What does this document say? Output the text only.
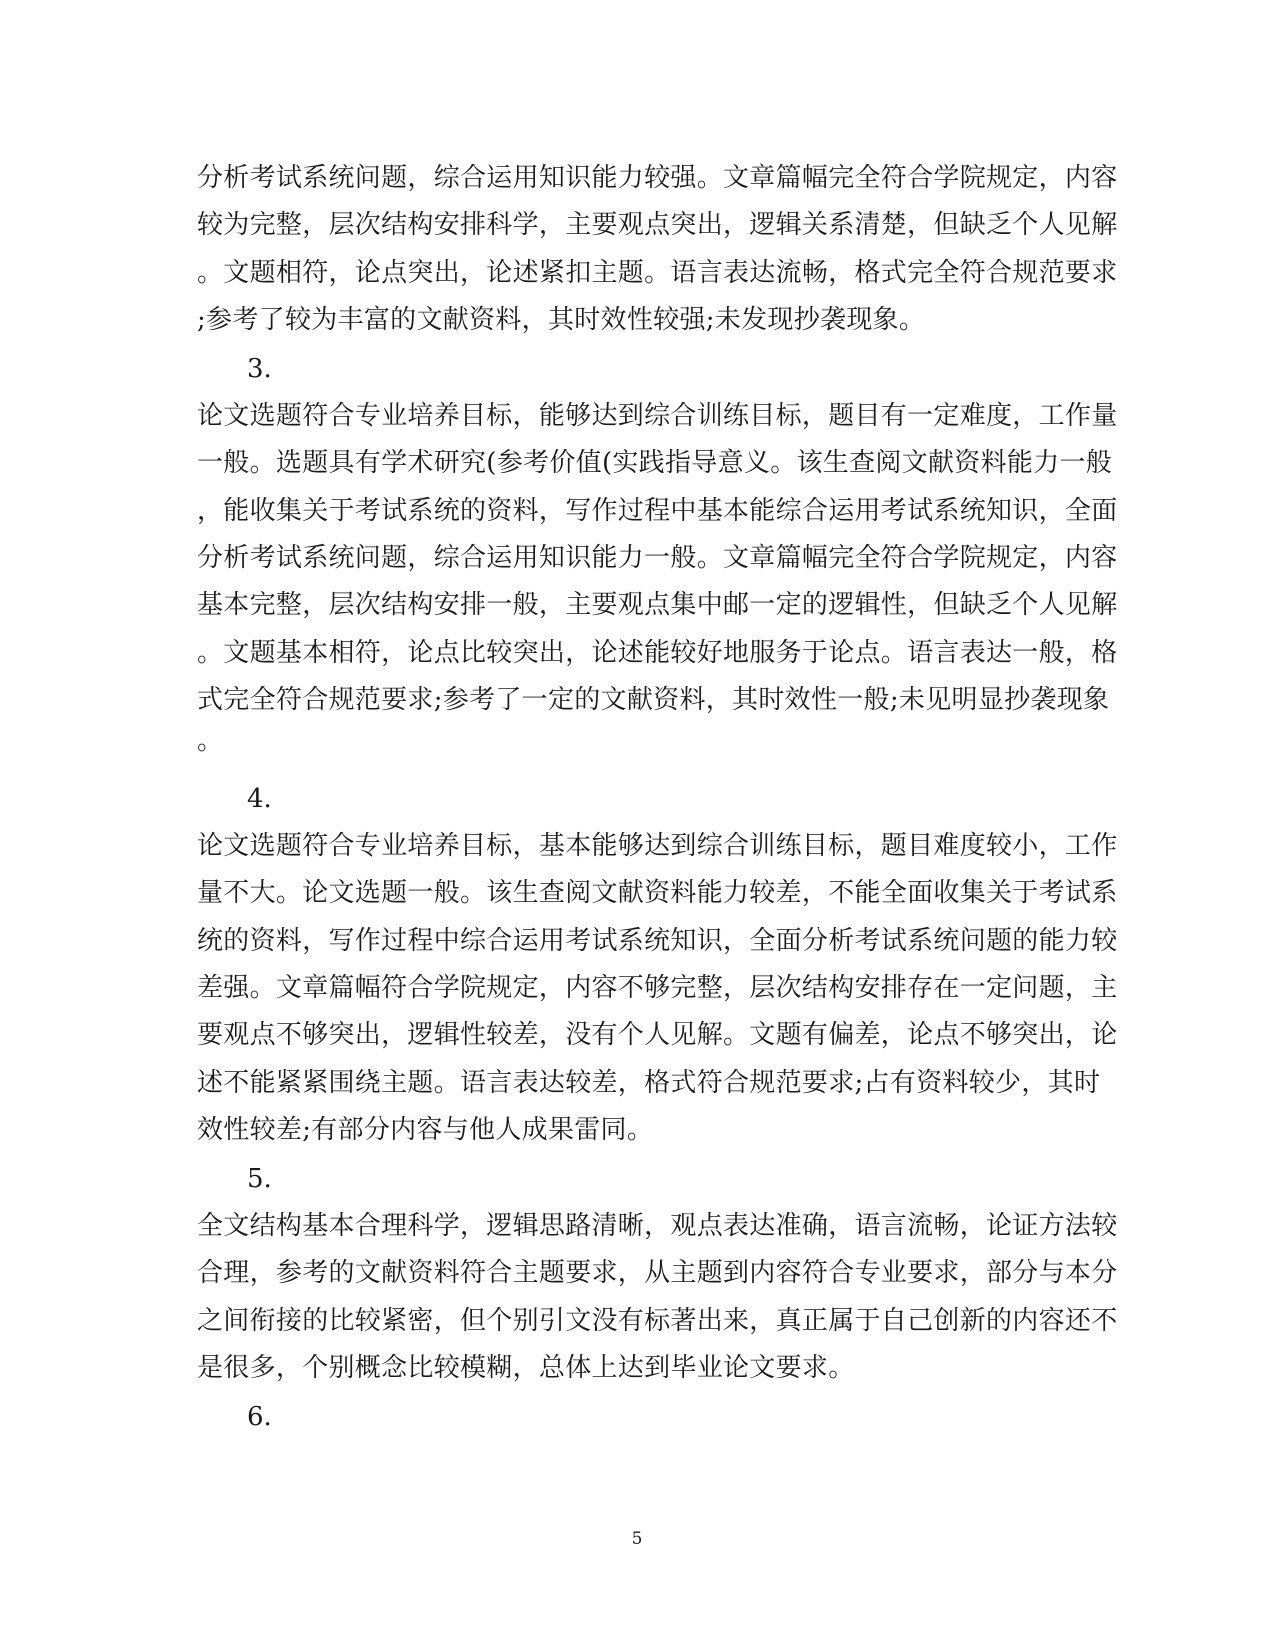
分析考试系统问题，综合运用知识能力较强。文章篇幅完全符合学院规定，内容
较为完整，层次结构安排科学，主要观点突出，逻辑关系清楚，但缺乏个人见解
。文题相符，论点突出，论述紧扣主题。语言表达流畅，格式完全符合规范要求
;参考了较为丰富的文献资料，其时效性较强;未发现抄袭现象。
3.
论文选题符合专业培养目标，能够达到综合训练目标，题目有一定难度，工作量
一般。选题具有学术研究(参考价值(实践指导意义。该生查阅文献资料能力一般
，能收集关于考试系统的资料，写作过程中基本能综合运用考试系统知识，全面
分析考试系统问题，综合运用知识能力一般。文章篇幅完全符合学院规定，内容
基本完整，层次结构安排一般，主要观点集中邮一定的逻辑性，但缺乏个人见解
。文题基本相符，论点比较突出，论述能较好地服务于论点。语言表达一般，格
式完全符合规范要求;参考了一定的文献资料，其时效性一般;未见明显抄袭现象
。
4.
论文选题符合专业培养目标，基本能够达到综合训练目标，题目难度较小，工作
量不大。论文选题一般。该生查阅文献资料能力较差，不能全面收集关于考试系
统的资料，写作过程中综合运用考试系统知识，全面分析考试系统问题的能力较
差强。文章篇幅符合学院规定，内容不够完整，层次结构安排存在一定问题，主
要观点不够突出，逻辑性较差，没有个人见解。文题有偏差，论点不够突出，论
述不能紧紧围绕主题。语言表达较差，格式符合规范要求;占有资料较少，其时
效性较差;有部分内容与他人成果雷同。
5.
全文结构基本合理科学，逻辑思路清晰，观点表达准确，语言流畅，论证方法较
合理，参考的文献资料符合主题要求，从主题到内容符合专业要求，部分与本分
之间衔接的比较紧密，但个别引文没有标著出来，真正属于自己创新的内容还不
是很多，个别概念比较模糊，总体上达到毕业论文要求。
6.
5
